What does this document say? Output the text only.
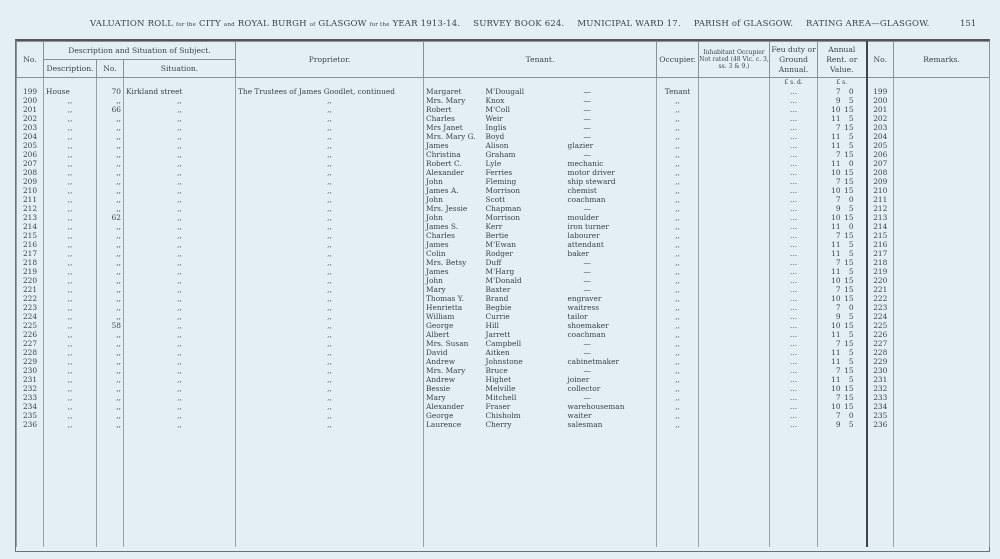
VALUATION ROLL for the CITY and ROYAL BURGH of GLASGOW for the YEAR 1913-14. SURVEY BOOK 624. MUNICIPAL WARD 17. PARISH of GLASGOW. RATING AREA—GLASGOW.	151
No.	Description and Situation of Subject.			Proprietor.	Tenant.			Occupier.	Inhabitant Occupier Not rated (48 Vic. c. 3, ss. 3 & 9.)	Feu duty or Ground Annual.	Annual Rent. or Value.	No.	Remarks.
	Description.	No.	Situation.										
										£ s. d.	£ s.		
199	House	70	Kirkland street	The Trustees of James Goodlet, continued	Margaret	M'Dougall	—	Tenant		...	7 0	199	
200	,,	,,	,,	,,	Mrs. Mary	Knox	—	,,		...	9 5	200	
201	,,	66	,,	,,	Robert	M'Coll	—	,,		...	10 15	201	
202	,,	,,	,,	,,	Charles	Weir	—	,,		...	11 5	202	
203	,,	,,	,,	,,	Mrs Janet	Inglis	—	,,		...	7 15	203	
204	,,	,,	,,	,,	Mrs. Mary G.	Boyd	—	,,		...	11 5	204	
205	,,	,,	,,	,,	James	Alison	glazier	,,		...	11 5	205	
206	,,	,,	,,	,,	Christina	Graham	—	,,		...	7 15	206	
207	,,	,,	,,	,,	Robert C.	Lyle	mechanic	,,		...	11 0	207	
208	,,	,,	,,	,,	Alexander	Ferries	motor driver	,,		...	10 15	208	
209	,,	,,	,,	,,	John	Fleming	ship steward	,,		...	7 15	209	
210	,,	,,	,,	,,	James A.	Morrison	chemist	,,		...	10 15	210	
211	,,	,,	,,	,,	John	Scott	coachman	,,		...	7 0	211	
212	,,	,,	,,	,,	Mrs. Jessie	Chapman	—	,,		...	9 5	212	
213	,,	62	,,	,,	John	Morrison	moulder	,,		...	10 15	213	
214	,,	,,	,,	,,	James S.	Kerr	iron turner	,,		...	11 0	214	
215	,,	,,	,,	,,	Charles	Bertie	labourer	,,		...	7 15	215	
216	,,	,,	,,	,,	James	M'Ewan	attendant	,,		...	11 5	216	
217	,,	,,	,,	,,	Colin	Rodger	baker	,,		...	11 5	217	
218	,,	,,	,,	,,	Mrs. Betsy	Duff	—	,,		...	7 15	218	
219	,,	,,	,,	,,	James	M'Harg	—	,,		...	11 5	219	
220	,,	,,	,,	,,	John	M'Donald	—	,,		...	10 15	220	
221	,,	,,	,,	,,	Mary	Baxter	—	,,		...	7 15	221	
222	,,	,,	,,	,,	Thomas Y.	Brand	engraver	,,		...	10 15	222	
223	,,	,,	,,	,,	Henrietta	Begbie	waitress	,,		...	7 0	223	
224	,,	,,	,,	,,	William	Currie	tailor	,,		...	9 5	224	
225	,,	58	,,	,,	George	Hill	shoemaker	,,		...	10 15	225	
226	,,	,,	,,	,,	Albert	Jarrett	coachman	,,		...	11 5	226	
227	,,	,,	,,	,,	Mrs. Susan	Campbell	—	,,		...	7 15	227	
228	,,	,,	,,	,,	David	Aitken	—	,,		...	11 5	228	
229	,,	,,	,,	,,	Andrew	Johnstone	cabinetmaker	,,		...	11 5	229	
230	,,	,,	,,	,,	Mrs. Mary	Bruce	—	,,		...	7 15	230	
231	,,	,,	,,	,,	Andrew	Highet	joiner	,,		...	11 5	231	
232	,,	,,	,,	,,	Bessie	Melville	collector	,,		...	10 15	232	
233	,,	,,	,,	,,	Mary	Mitchell	—	,,		...	7 15	233	
234	,,	,,	,,	,,	Alexander	Fraser	warehouseman	,,		...	10 15	234	
235	,,	,,	,,	,,	George	Chisholm	waiter	,,		...	7 0	235	
236	,,	,,	,,	,,	Laurence	Cherry	salesman	,,		...	9 5	236	
